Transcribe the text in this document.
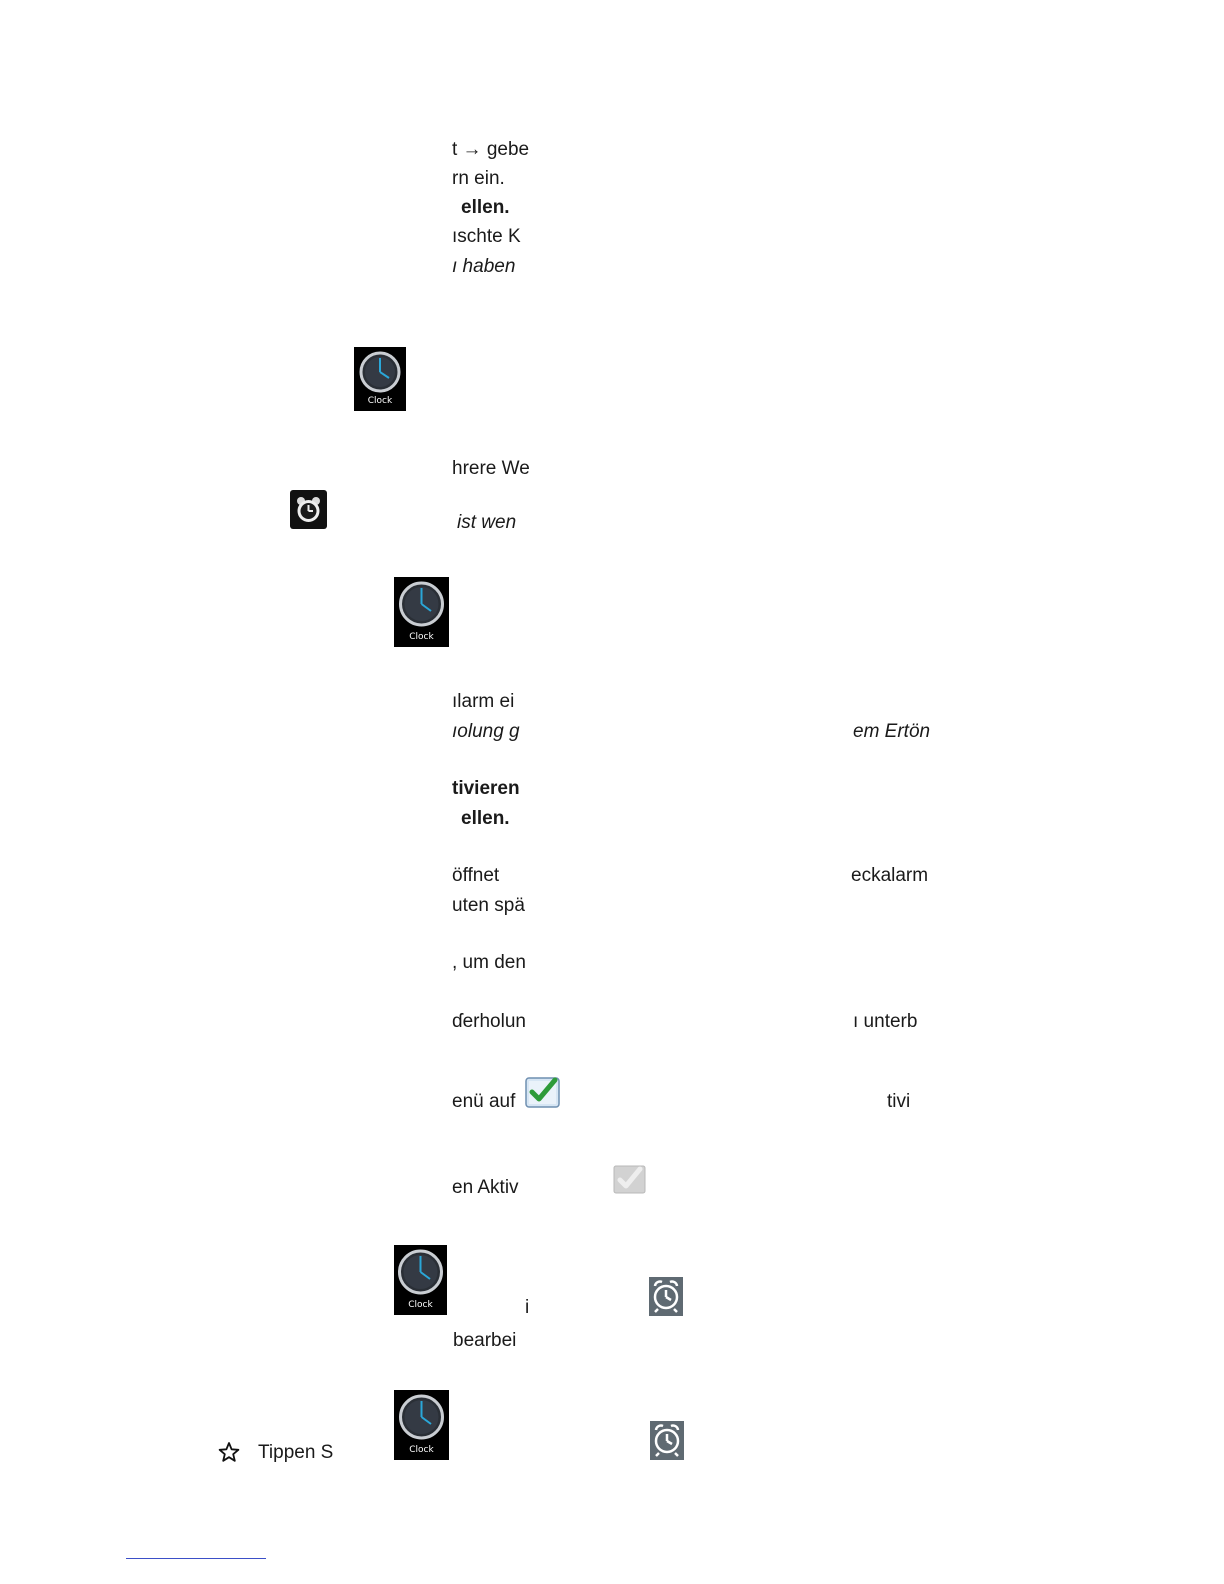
t → gebe
rn ein.
ellen.
ıschte K
ı haben
Clock
hrere We
ist wen
Clock
ılarm ei
ıolung g	em Ertön
tivieren
ellen.
öffnet	eckalarm
uten spä
, um den
ɗerholun	ı unterb
enü auf	tivi
en Aktiv
Clock	i
bearbei
Tippen S	Clock
